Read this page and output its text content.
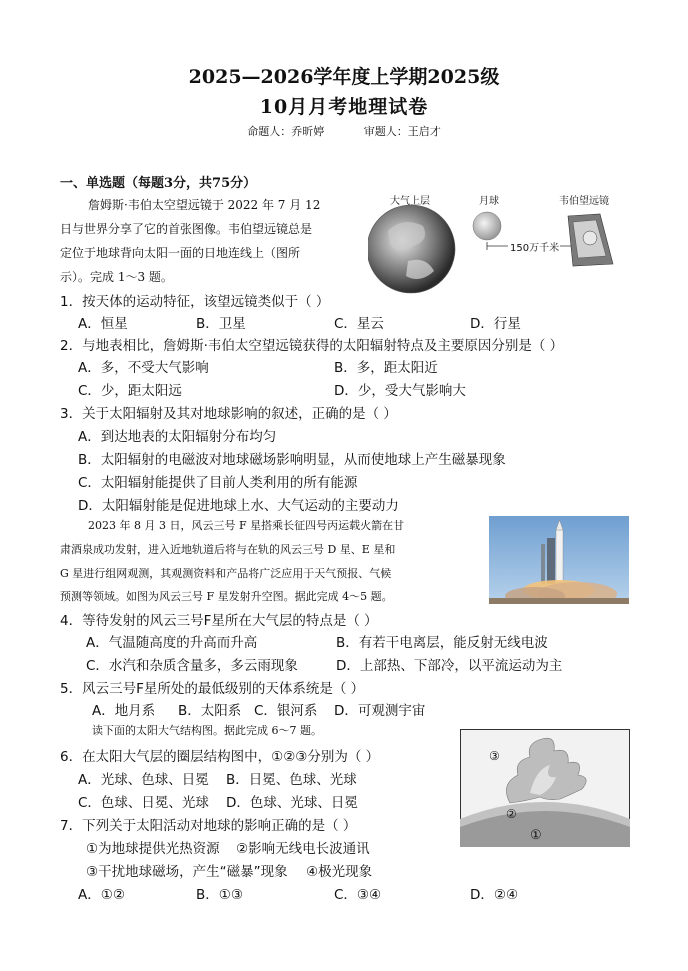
2025—2026学年度上学期2025级
10月月考地理试卷
命题人：乔昕婷	审题人：王启才
一、单选题（每题3分，共75分）
詹姆斯·韦伯太空望远镜于 2022 年 7 月 12
日与世界分享了它的首张图像。韦伯望远镜总是
定位于地球背向太阳一面的日地连线上（图所
示）。完成 1～3 题。
大气上层	月球	韦伯望远镜
150万千米
1．按天体的运动特征，该望远镜类似于（ ）
A．恒星	B．卫星	C．星云	D．行星
2．与地表相比，詹姆斯·韦伯太空望远镜获得的太阳辐射特点及主要原因分别是（ ）
A．多，不受大气影响	B．多，距太阳近
C．少，距太阳远	D．少，受大气影响大
3．关于太阳辐射及其对地球影响的叙述，正确的是（ ）
A．到达地表的太阳辐射分布均匀
B．太阳辐射的电磁波对地球磁场影响明显，从而使地球上产生磁暴现象
C．太阳辐射能提供了目前人类利用的所有能源
D．太阳辐射能是促进地球上水、大气运动的主要动力
2023 年 8 月 3 日，风云三号 F 星搭乘长征四号丙运载火箭在甘
肃酒泉成功发射，进入近地轨道后将与在轨的风云三号 D 星、E 星和
G 星进行组网观测，其观测资料和产品将广泛应用于天气预报、气候
预测等领域。如图为风云三号 F 星发射升空图。据此完成 4～5 题。
4．等待发射的风云三号F星所在大气层的特点是（ ）
A．气温随高度的升高而升高	B．有若干电离层，能反射无线电波
C．水汽和杂质含量多，多云雨现象	D．上部热、下部冷，以平流运动为主
5．风云三号F星所处的最低级别的天体系统是（ ）
A．地月系 B．太阳系 C．银河系 D．可观测宇宙
读下面的太阳大气结构图。据此完成 6～7 题。
③
②
①
6．在太阳大气层的圈层结构图中，①②③分别为（ ）
A．光球、色球、日冕 B．日冕、色球、光球
C．色球、日冕、光球 D．色球、光球、日冕
7．下列关于太阳活动对地球的影响正确的是（ ）
①为地球提供光热资源 ②影响无线电长波通讯
③干扰地球磁场，产生“磁暴”现象 ④极光现象
A．①②	B．①③	C．③④	D．②④
